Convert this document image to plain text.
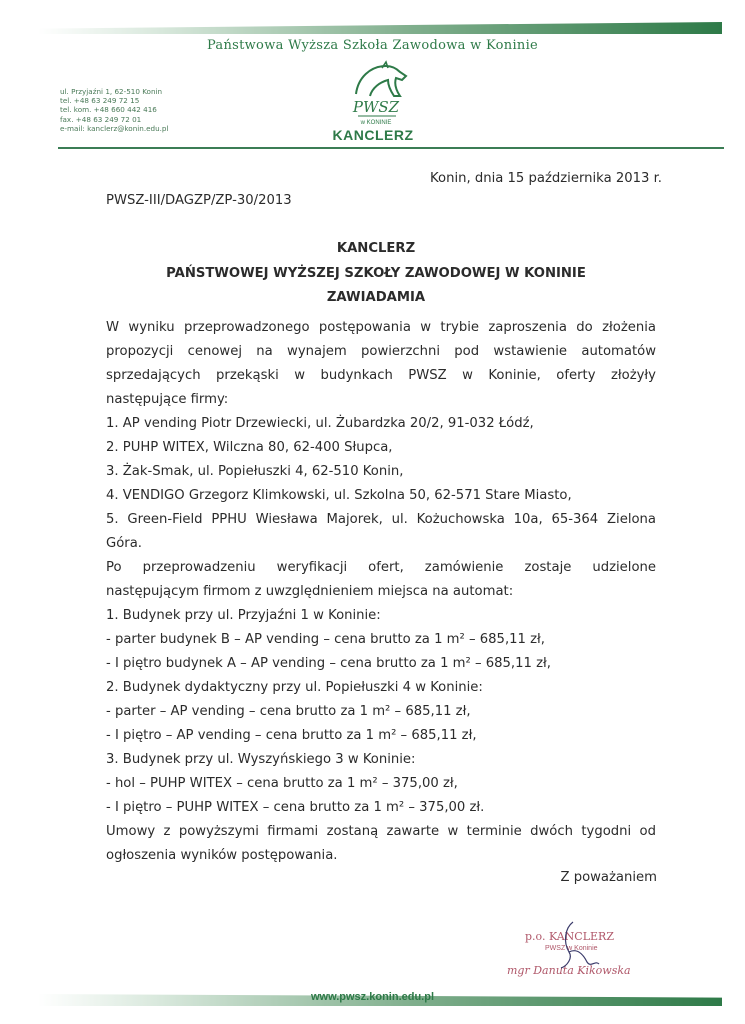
Państwowa Wyższa Szkoła Zawodowa w Koninie
ul. Przyjaźni 1, 62-510 Konin
tel. +48 63 249 72 15
tel. kom. +48 660 442 416
fax. +48 63 249 72 01
e-mail: kanclerz@konin.edu.pl
PWSZ
w KONINIE
KANCLERZ
Konin, dnia 15 października 2013 r.
PWSZ-III/DAGZP/ZP-30/2013
KANCLERZ
PAŃSTWOWEJ WYŻSZEJ SZKOŁY ZAWODOWEJ W KONINIE
ZAWIADAMIA

W wyniku przeprowadzonego postępowania w trybie zaproszenia do złożenia

propozycji cenowej na wynajem powierzchni pod wstawienie automatów

sprzedających przekąski w budynkach PWSZ w Koninie, oferty złożyły

następujące firmy:

1. AP vending Piotr Drzewiecki, ul. Żubardzka 20/2, 91-032 Łódź,

2. PUHP WITEX, Wilczna 80, 62-400 Słupca,

3. Żak-Smak, ul. Popiełuszki 4, 62-510 Konin,

4. VENDIGO Grzegorz Klimkowski, ul. Szkolna 50, 62-571 Stare Miasto,

5. Green-Field PPHU Wiesława Majorek, ul. Kożuchowska 10a, 65-364 Zielona

Góra.

Po przeprowadzeniu weryfikacji ofert, zamówienie zostaje udzielone

następującym firmom z uwzględnieniem miejsca na automat:

1. Budynek przy ul. Przyjaźni 1 w Koninie:

- parter budynek B – AP vending – cena brutto za 1 m² – 685,11 zł,

- I piętro budynek A – AP vending – cena brutto za 1 m² – 685,11 zł,

2. Budynek dydaktyczny przy ul. Popiełuszki 4 w Koninie:

- parter – AP vending – cena brutto za 1 m² – 685,11 zł,

- I piętro – AP vending – cena brutto za 1 m² – 685,11 zł,

3. Budynek przy ul. Wyszyńskiego 3 w Koninie:

- hol – PUHP WITEX – cena brutto za 1 m² – 375,00 zł,

- I piętro – PUHP WITEX – cena brutto za 1 m² – 375,00 zł.

Umowy z powyższymi firmami zostaną zawarte w terminie dwóch tygodni od

ogłoszenia wyników postępowania.

Z poważaniem
p.o. KANCLERZ
PWSZ w Koninie
mgr Danuta Kikowska
www.pwsz.konin.edu.pl
